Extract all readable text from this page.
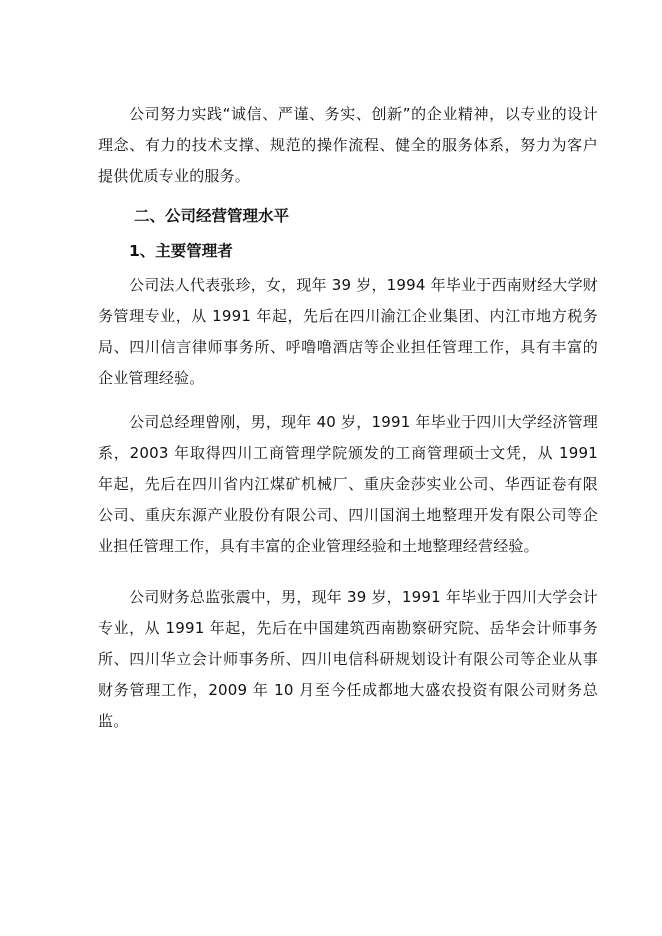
公司努力实践“诚信、严谨、务实、创新”的企业精神，以专业的设计理念、有力的技术支撑、规范的操作流程、健全的服务体系，努力为客户提供优质专业的服务。

二、公司经营管理水平

1、主要管理者

公司法人代表张珍，女，现年 39 岁，1994 年毕业于西南财经大学财务管理专业，从 1991 年起，先后在四川渝江企业集团、内江市地方税务局、四川信言律师事务所、呼噜噜酒店等企业担任管理工作，具有丰富的企业管理经验。

公司总经理曾刚，男，现年 40 岁，1991 年毕业于四川大学经济管理系，2003 年取得四川工商管理学院颁发的工商管理硕士文凭，从 1991 年起，先后在四川省内江煤矿机械厂、重庆金莎实业公司、华西证卷有限公司、重庆东源产业股份有限公司、四川国润土地整理开发有限公司等企业担任管理工作，具有丰富的企业管理经验和土地整理经营经验。

公司财务总监张震中，男，现年 39 岁，1991 年毕业于四川大学会计专业，从 1991 年起，先后在中国建筑西南勘察研究院、岳华会计师事务所、四川华立会计师事务所、四川电信科研规划设计有限公司等企业从事财务管理工作，2009 年 10 月至今任成都地大盛农投资有限公司财务总监。
